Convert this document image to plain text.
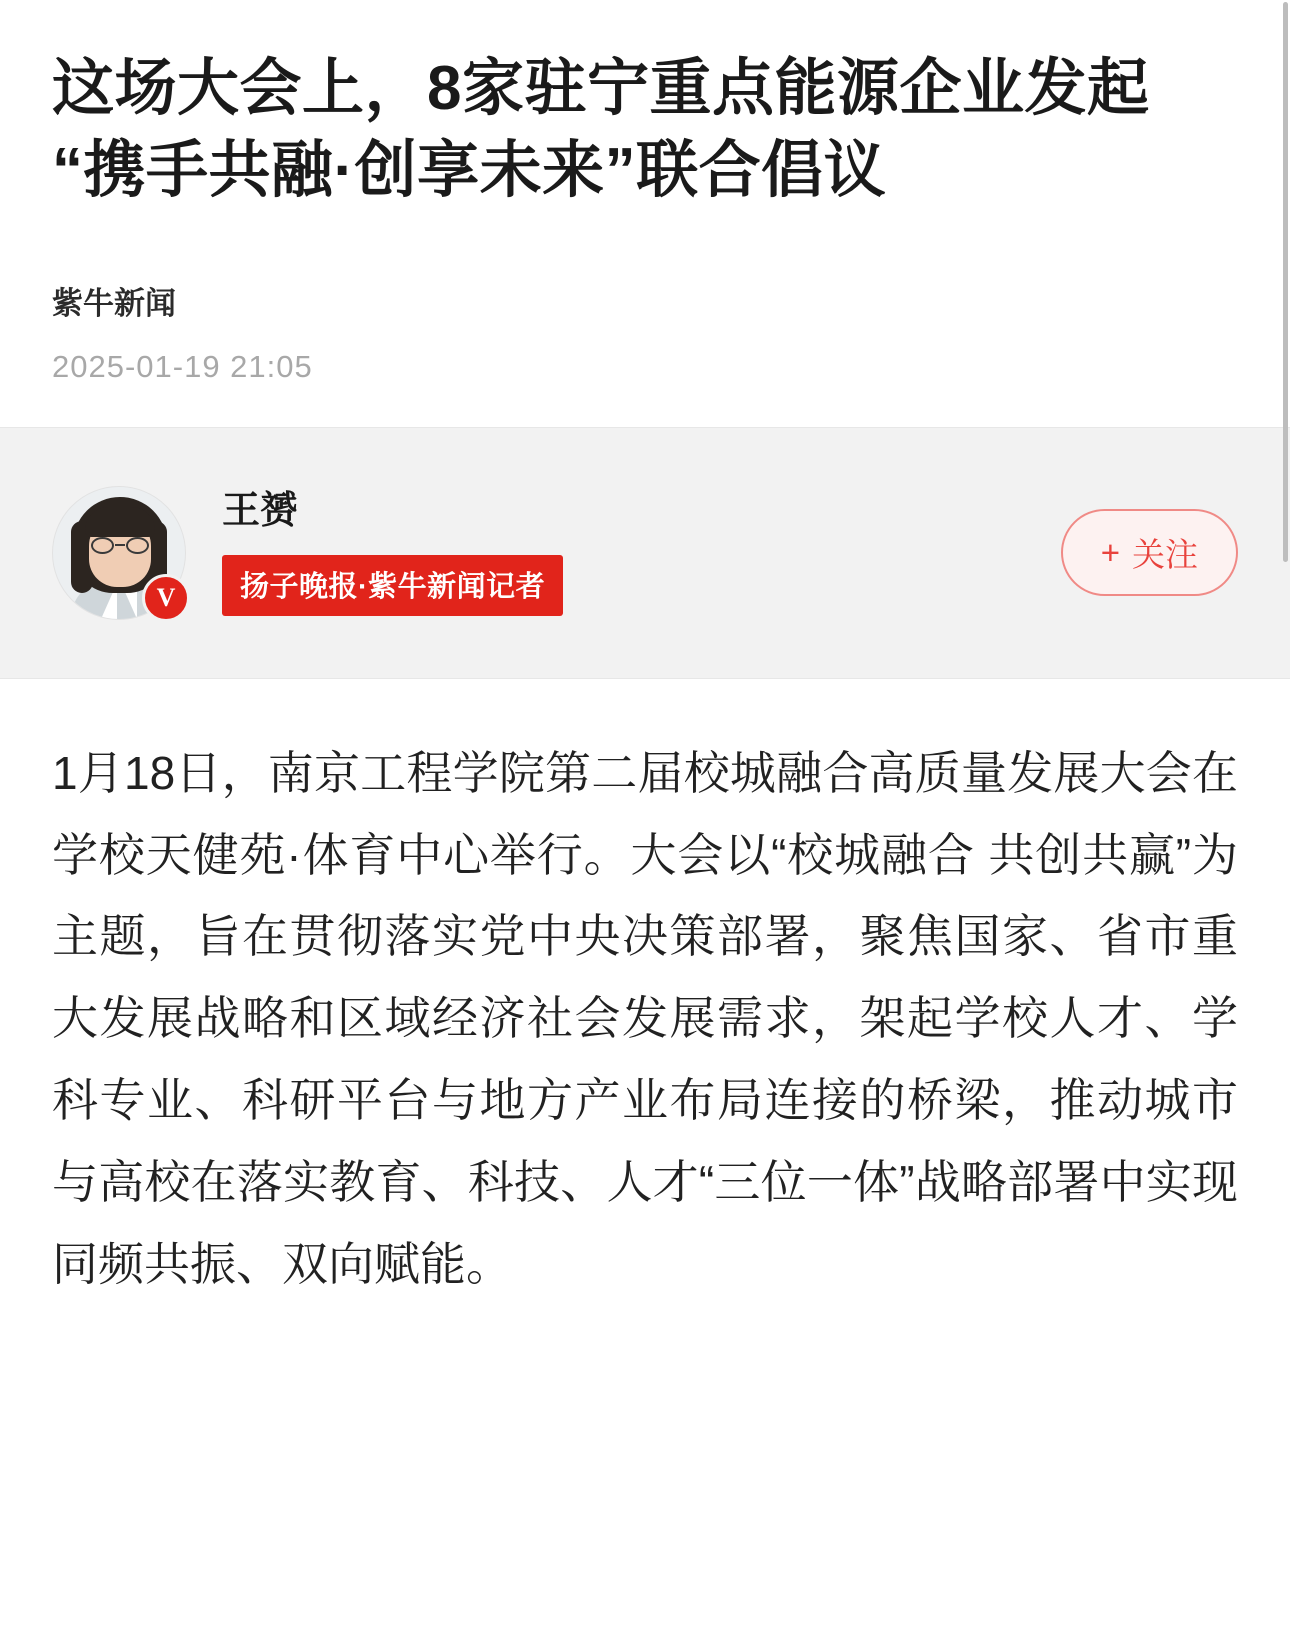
这场大会上，8家驻宁重点能源企业发起“携手共融·创享未来”联合倡议
紫牛新闻
2025-01-19 21:05
V
王赟
扬子晚报·紫牛新闻记者
+ 关注

1月18日，南京工程学院第二届校城融合高质量发展大会在学校天健苑·体育中心举行。大会以“校城融合 共创共赢”为主题，旨在贯彻落实党中央决策部署，聚焦国家、省市重大发展战略和区域经济社会发展需求，架起学校人才、学科专业、科研平台与地方产业布局连接的桥梁，推动城市与高校在落实教育、科技、人才“三位一体”战略部署中实现同频共振、双向赋能。
